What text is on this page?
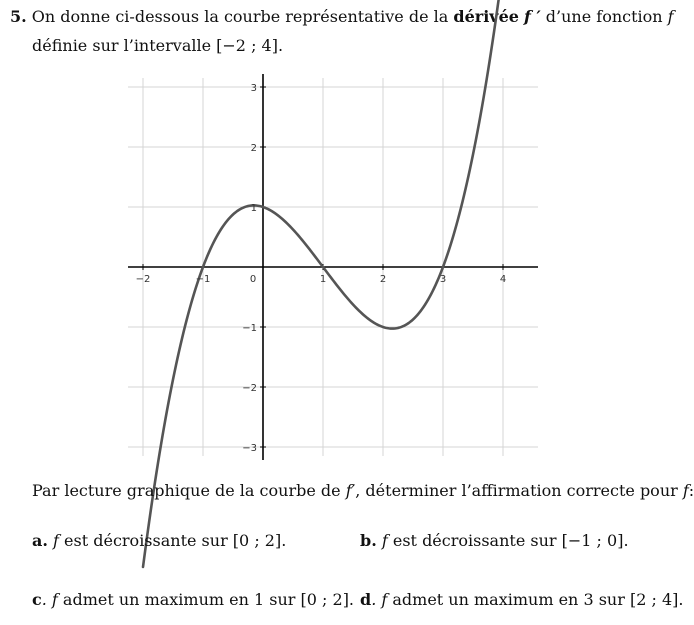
5. On donne ci-dessous la courbe représentative de la dérivée f ′ d’une fonction f
définie sur l’intervalle [−2 ; 4].
−2	−1	0	1	2	3	4
3
2
1
−1
−2
−3
Par lecture graphique de la courbe de f′, déterminer l’affirmation correcte pour f:
a. f est décroissante sur [0 ; 2].	b. f est décroissante sur [−1 ; 0].
c. f admet un maximum en 1 sur [0 ; 2]. d. f admet un maximum en 3 sur [2 ; 4].
